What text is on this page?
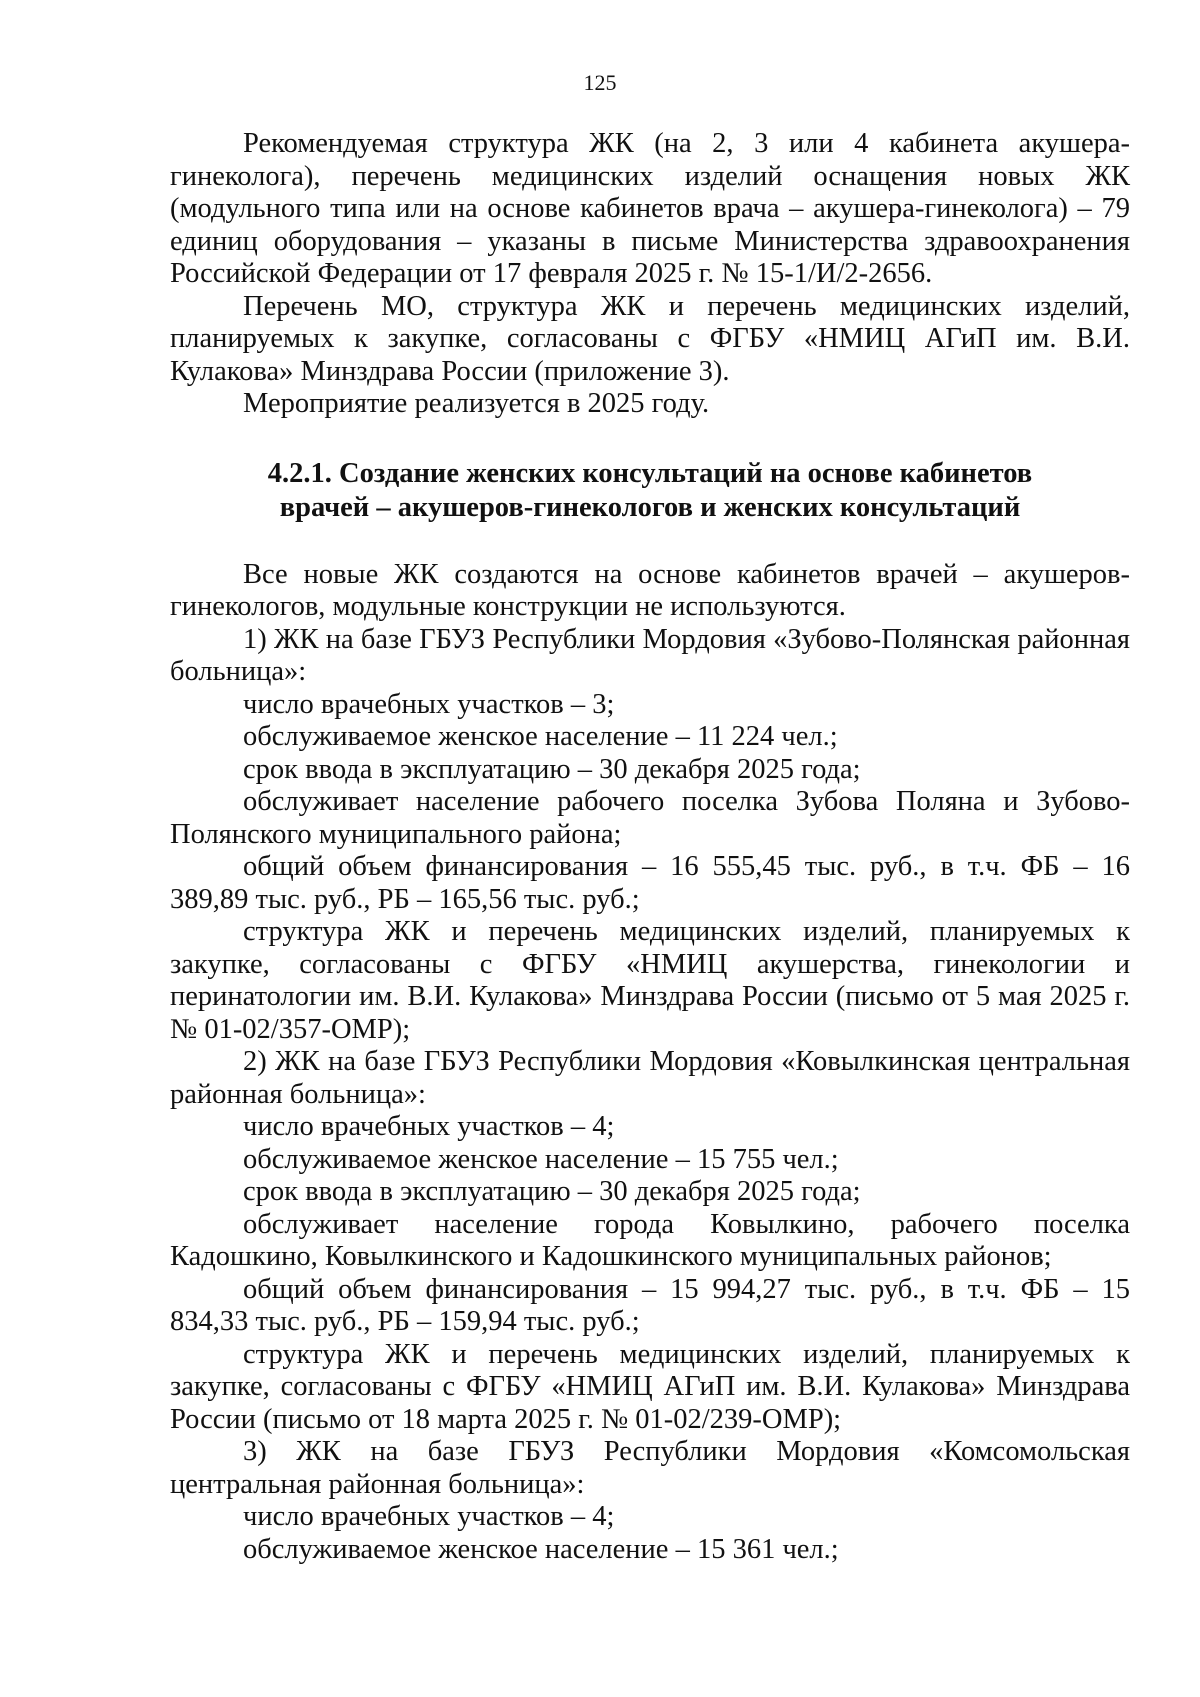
125

Рекомендуемая структура ЖК (на 2, 3 или 4 кабинета акушера-гинеколога), перечень медицинских изделий оснащения новых ЖК (модульного типа или на основе кабинетов врача – акушера-гинеколога) – 79 единиц оборудования – указаны в письме Министерства здравоохранения Российской Федерации от 17 февраля 2025 г. № 15-1/И/2-2656.

Перечень МО, структура ЖК и перечень медицинских изделий, планируемых к закупке, согласованы с ФГБУ «НМИЦ АГиП им. В.И. Кулакова» Минздрава России (приложение 3).

Мероприятие реализуется в 2025 году.

4.2.1. Создание женских консультаций на основе кабинетов
врачей – акушеров-гинекологов и женских консультаций

Все новые ЖК создаются на основе кабинетов врачей – акушеров-гинекологов, модульные конструкции не используются.

1) ЖК на базе ГБУЗ Республики Мордовия «Зубово-Полянская районная больница»:

число врачебных участков – 3;

обслуживаемое женское население – 11 224 чел.;

срок ввода в эксплуатацию – 30 декабря 2025 года;

обслуживает население рабочего поселка Зубова Поляна и Зубово-Полянского муниципального района;

общий объем финансирования – 16 555,45 тыс. руб., в т.ч. ФБ – 16 389,89 тыс. руб., РБ – 165,56 тыс. руб.;

структура ЖК и перечень медицинских изделий, планируемых к закупке, согласованы с ФГБУ «НМИЦ акушерства, гинекологии и перинатологии им. В.И. Кулакова» Минздрава России (письмо от 5 мая 2025 г. № 01-02/357-ОМР);

2) ЖК на базе ГБУЗ Республики Мордовия «Ковылкинская центральная районная больница»:

число врачебных участков – 4;

обслуживаемое женское население – 15 755 чел.;

срок ввода в эксплуатацию – 30 декабря 2025 года;

обслуживает население города Ковылкино, рабочего поселка Кадошкино, Ковылкинского и Кадошкинского муниципальных районов;

общий объем финансирования – 15 994,27 тыс. руб., в т.ч. ФБ – 15 834,33 тыс. руб., РБ – 159,94 тыс. руб.;

структура ЖК и перечень медицинских изделий, планируемых к закупке, согласованы с ФГБУ «НМИЦ АГиП им. В.И. Кулакова» Минздрава России (письмо от 18 марта 2025 г. № 01-02/239-ОМР);

3) ЖК на базе ГБУЗ Республики Мордовия «Комсомольская центральная районная больница»:

число врачебных участков – 4;

обслуживаемое женское население – 15 361 чел.;
